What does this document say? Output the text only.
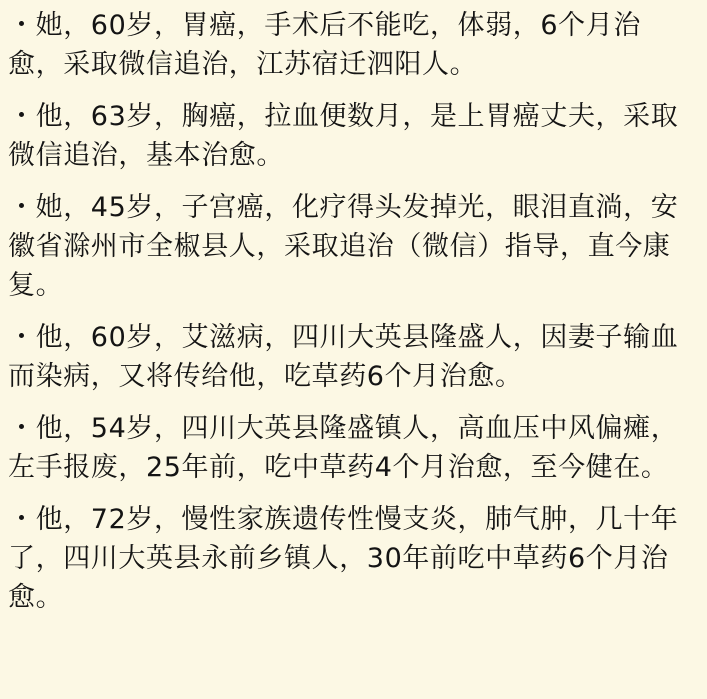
・她，60岁，胃癌，手术后不能吃，体弱，6个月治
愈，采取微信追治，江苏宿迁泗阳人。
・他，63岁，胸癌，拉血便数月，是上胃癌丈夫，采取
微信追治，基本治愈。
・她，45岁，子宫癌，化疗得头发掉光，眼泪直淌，安
徽省滁州市全椒县人，采取追治（微信）指导，直今康
复。
・他，60岁，艾滋病，四川大英县隆盛人，因妻子输血
而染病，又将传给他，吃草药6个月治愈。
・他，54岁，四川大英县隆盛镇人，高血压中风偏瘫，
左手报废，25年前，吃中草药4个月治愈，至今健在。
・他，72岁，慢性家族遗传性慢支炎，肺气肿，几十年
了，四川大英县永前乡镇人，30年前吃中草药6个月治
愈。
